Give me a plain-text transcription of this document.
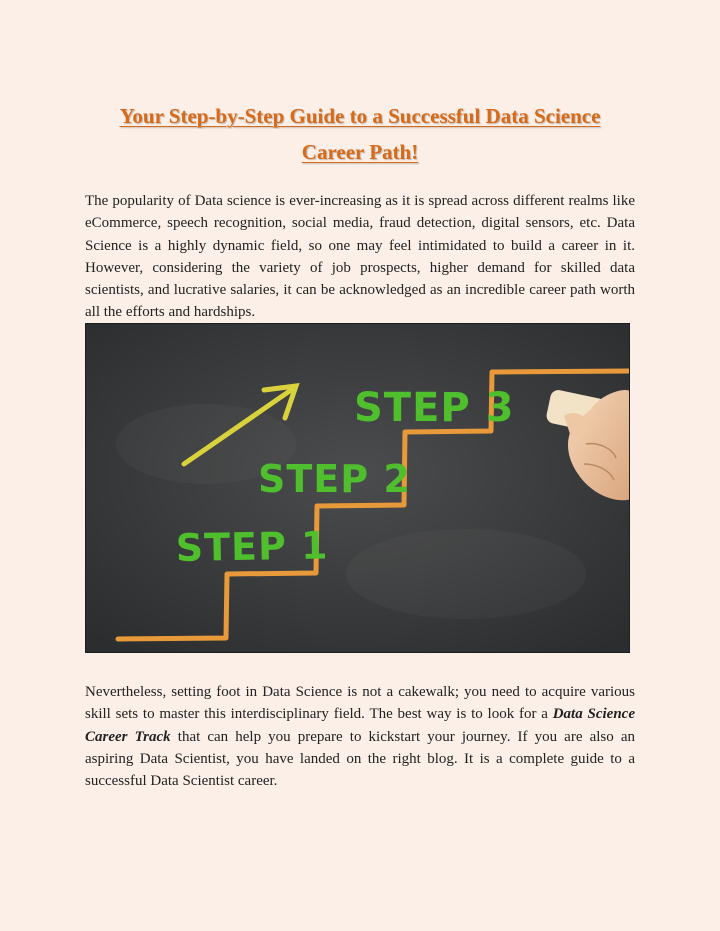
Your Step-by-Step Guide to a Successful Data Science
Career Path!

The popularity of Data science is ever-increasing as it is spread across different realms like eCommerce, speech recognition, social media, fraud detection, digital sensors, etc. Data Science is a highly dynamic field, so one may feel intimidated to build a career in it. However, considering the variety of job prospects, higher demand for skilled data scientists, and lucrative salaries, it can be acknowledged as an incredible career path worth all the efforts and hardships.

STEP 1
STEP 2
STEP 3

Nevertheless, setting foot in Data Science is not a cakewalk; you need to acquire various skill sets to master this interdisciplinary field. The best way is to look for a Data Science Career Track that can help you prepare to kickstart your journey. If you are also an aspiring Data Scientist, you have landed on the right blog. It is a complete guide to a successful Data Scientist career.
